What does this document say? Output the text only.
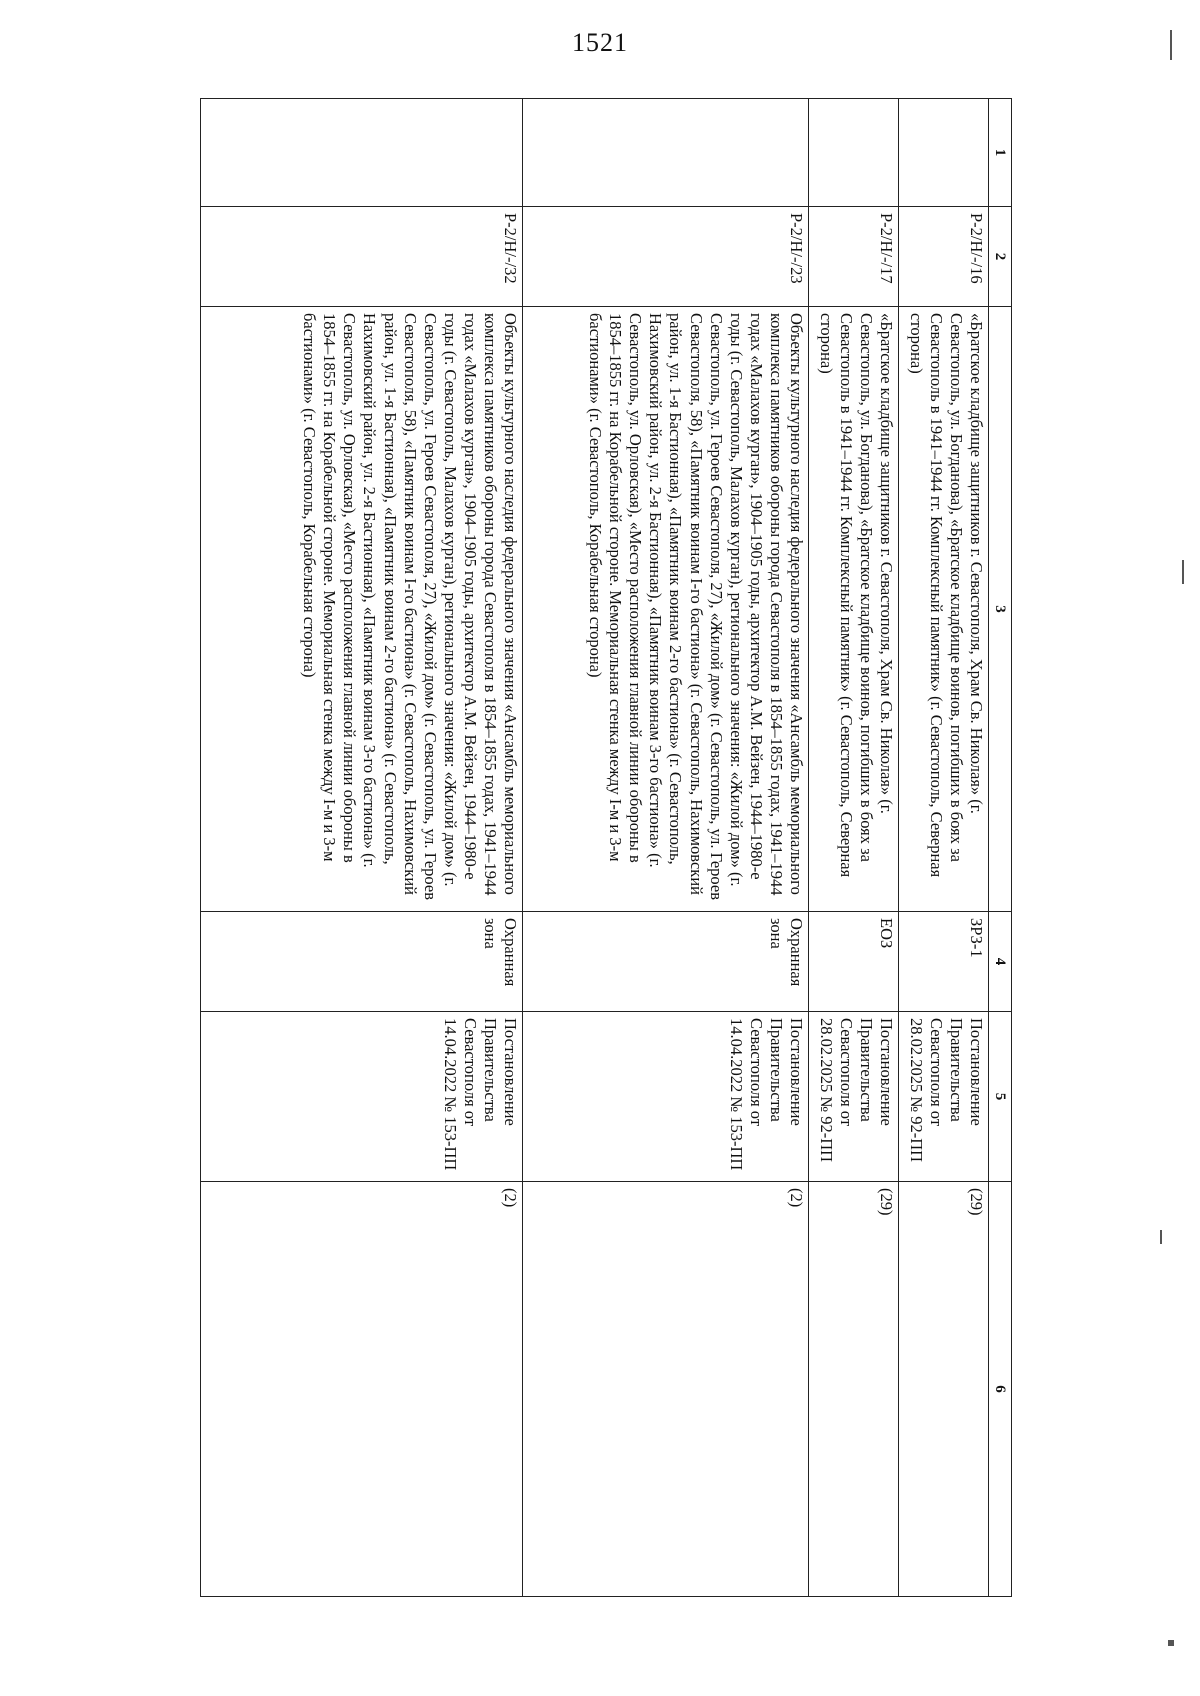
1521
1	2	3	4	5	6
	Р-2/Н/-/16	«Братское кладбище защитников г. Севастополя, Храм Св. Николая» (г. Севастополь, ул. Богданова), «Братское кладбище воинов, погибших в боях за Севастополь в 1941–1944 гг. Комплексный памятник» (г. Севастополь, Северная сторона)	ЗРЗ-1	Постановление Правительства Севастополя от 28.02.2025 № 92-ПП	(29)
	Р-2/Н/-/17	«Братское кладбище защитников г. Севастополя, Храм Св. Николая» (г. Севастополь, ул. Богданова), «Братское кладбище воинов, погибших в боях за Севастополь в 1941–1944 гг. Комплексный памятник» (г. Севастополь, Северная сторона)	ЕОЗ	Постановление Правительства Севастополя от 28.02.2025 № 92-ПП	(29)
	Р-2/Н/-/23	Объекты культурного наследия федерального значения «Ансамбль мемориального комплекса памятников обороны города Севастополя в 1854–1855 годах, 1941–1944 годах «Малахов курган», 1904–1905 годы, архитектор А.М. Вейзен, 1944–1980-е годы (г. Севастополь, Малахов курган), регионального значения: «Жилой дом» (г. Севастополь, ул. Героев Севастополя, 27), «Жилой дом» (г. Севастополь, ул. Героев Севастополя, 58), «Памятник воинам I-го бастиона» (г. Севастополь, Нахимовский район, ул. 1-я Бастионная), «Памятник воинам 2-го бастиона» (г. Севастополь, Нахимовский район, ул. 2-я Бастионная), «Памятник воинам 3-го бастиона» (г. Севастополь, ул. Орловская), «Место расположения главной линии обороны в 1854–1855 гг. на Корабельной стороне. Мемориальная стенка между I-м и 3-м бастионами» (г. Севастополь, Корабельная сторона)	Охранная зона	Постановление Правительства Севастополя от 14.04.2022 № 153-ПП	(2)
	Р-2/Н/-/32	Объекты культурного наследия федерального значения «Ансамбль мемориального комплекса памятников обороны города Севастополя в 1854–1855 годах, 1941–1944 годах «Малахов курган», 1904–1905 годы, архитектор А.М. Вейзен, 1944–1980-е годы (г. Севастополь, Малахов курган), регионального значения: «Жилой дом» (г. Севастополь, ул. Героев Севастополя, 27), «Жилой дом» (г. Севастополь, ул. Героев Севастополя, 58), «Памятник воинам I-го бастиона» (г. Севастополь, Нахимовский район, ул. 1-я Бастионная), «Памятник воинам 2-го бастиона» (г. Севастополь, Нахимовский район, ул. 2-я Бастионная), «Памятник воинам 3-го бастиона» (г. Севастополь, ул. Орловская), «Место расположения главной линии обороны в 1854–1855 гг. на Корабельной стороне. Мемориальная стенка между I-м и 3-м бастионами» (г. Севастополь, Корабельная сторона)	Охранная зона	Постановление Правительства Севастополя от 14.04.2022 № 153-ПП	(2)
